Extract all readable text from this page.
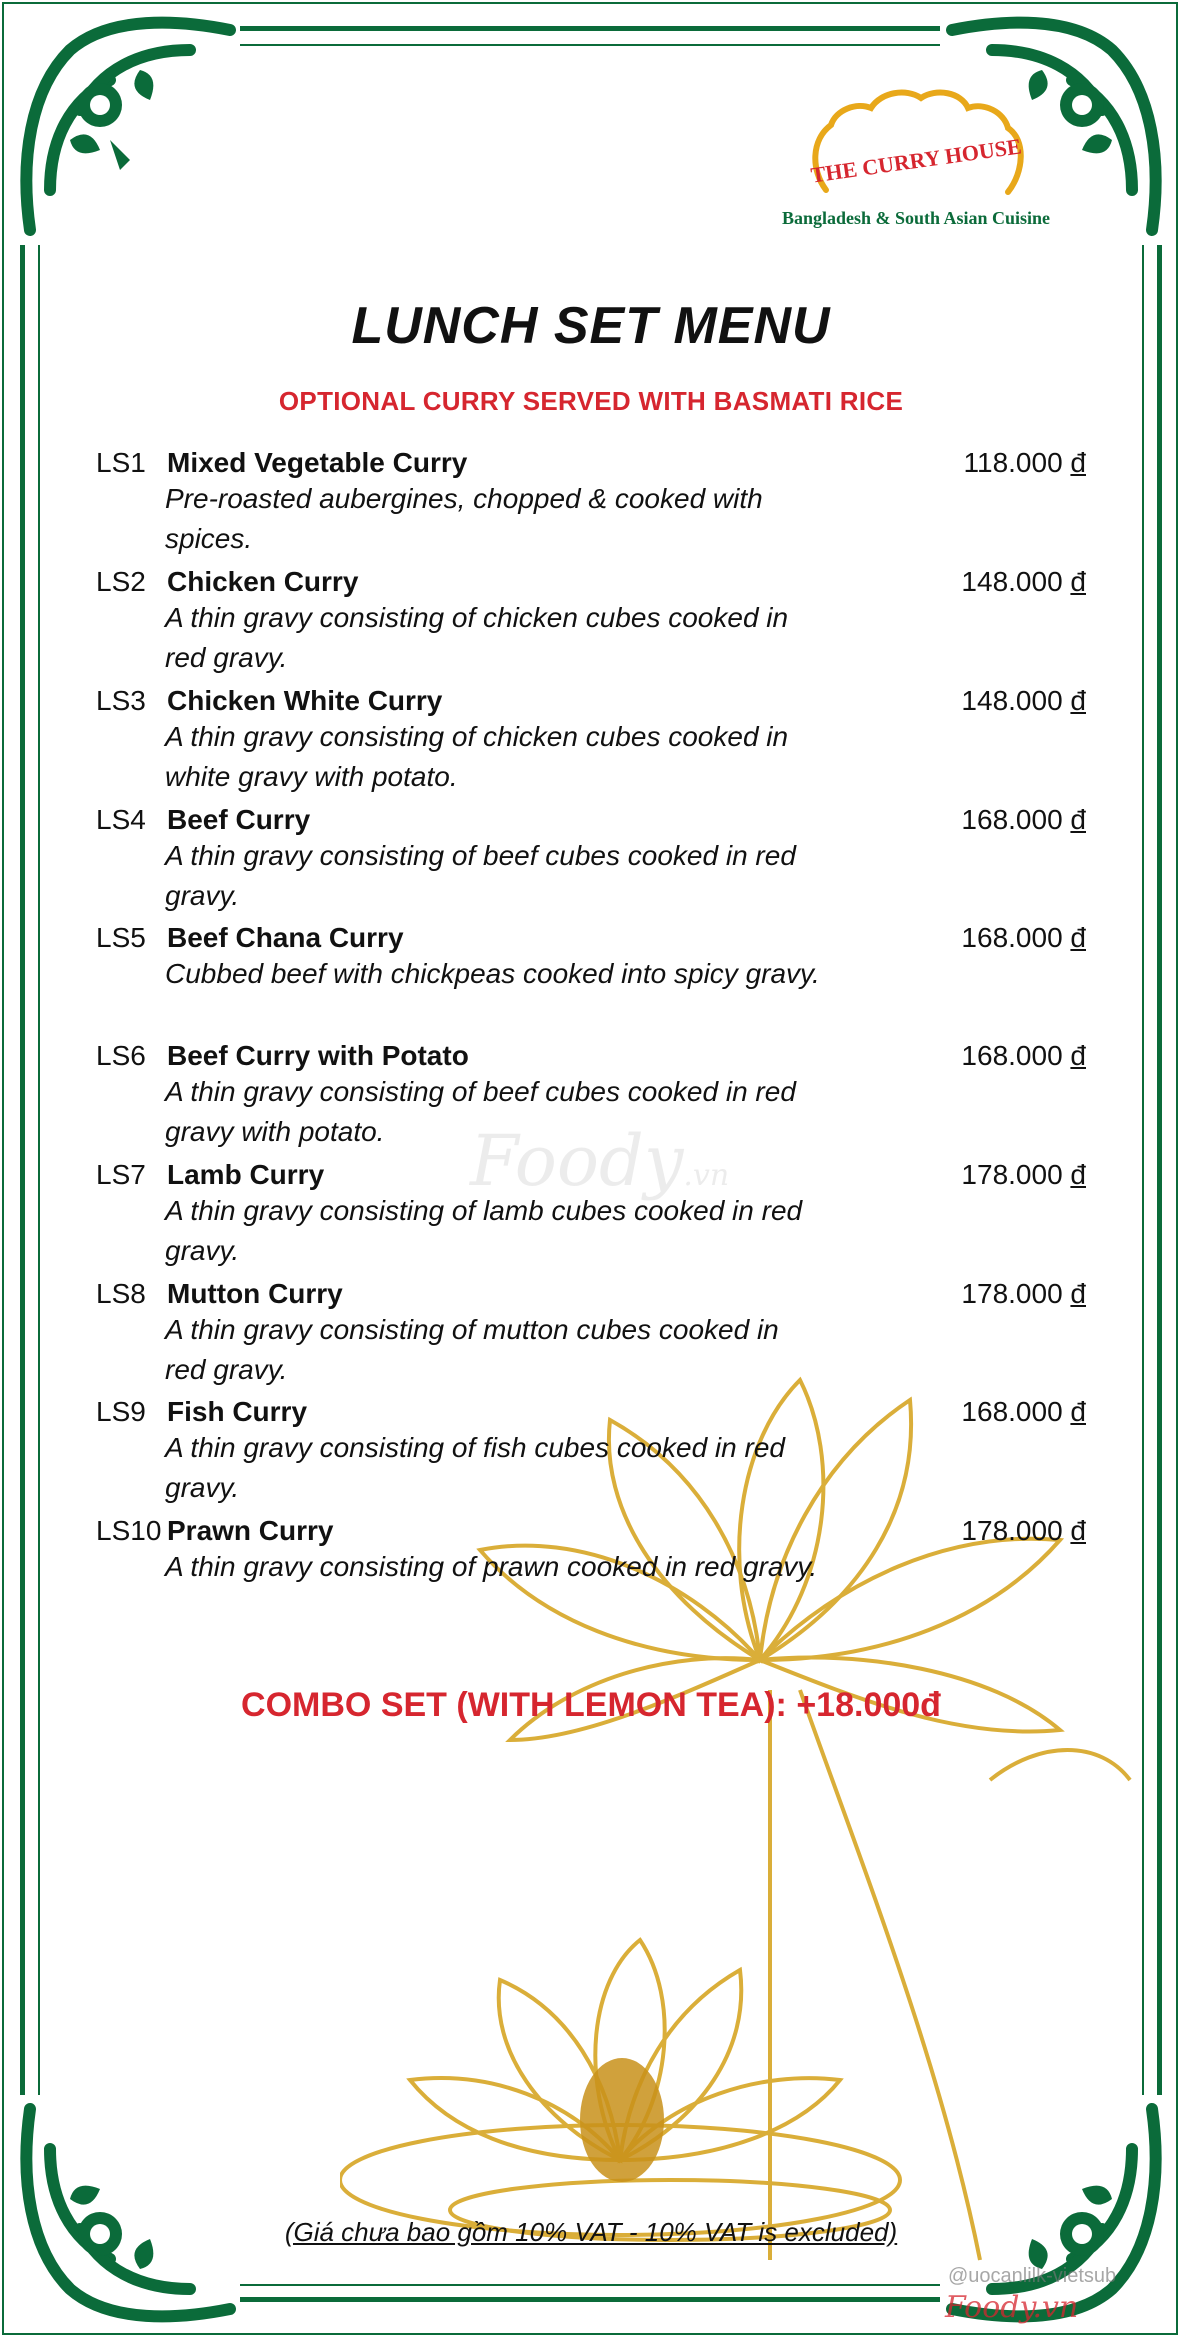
THE CURRY HOUSE
Bangladesh & South Asian Cuisine
LUNCH SET MENU
OPTIONAL CURRY SERVED WITH BASMATI RICE
LS1 Mixed Vegetable Curry
Pre-roasted aubergines, chopped & cooked with spices.
118.000 đ
LS2 Chicken Curry
A thin gravy consisting of chicken cubes cooked in red gravy.
148.000 đ
LS3 Chicken White Curry
A thin gravy consisting of chicken cubes cooked in white gravy with potato.
148.000 đ
LS4 Beef Curry
A thin gravy consisting of beef cubes cooked in red gravy.
168.000 đ
LS5 Beef Chana Curry
Cubbed beef with chickpeas cooked into spicy gravy.
168.000 đ
LS6 Beef Curry with Potato
A thin gravy consisting of beef cubes cooked in red gravy with potato.
168.000 đ
Foody.vn
LS7 Lamb Curry
A thin gravy consisting of lamb cubes cooked in red gravy.
178.000 đ
LS8 Mutton Curry
A thin gravy consisting of mutton cubes cooked in red gravy.
178.000 đ
LS9 Fish Curry
A thin gravy consisting of fish cubes cooked in red gravy.
168.000 đ
LS10 Prawn Curry
A thin gravy consisting of prawn cooked in red gravy.
178.000 đ
COMBO SET (WITH LEMON TEA): +18.000đ
(Giá chưa bao gồm 10% VAT - 10% VAT is excluded)
@uocanlilk-vietsub
Foody.vn
